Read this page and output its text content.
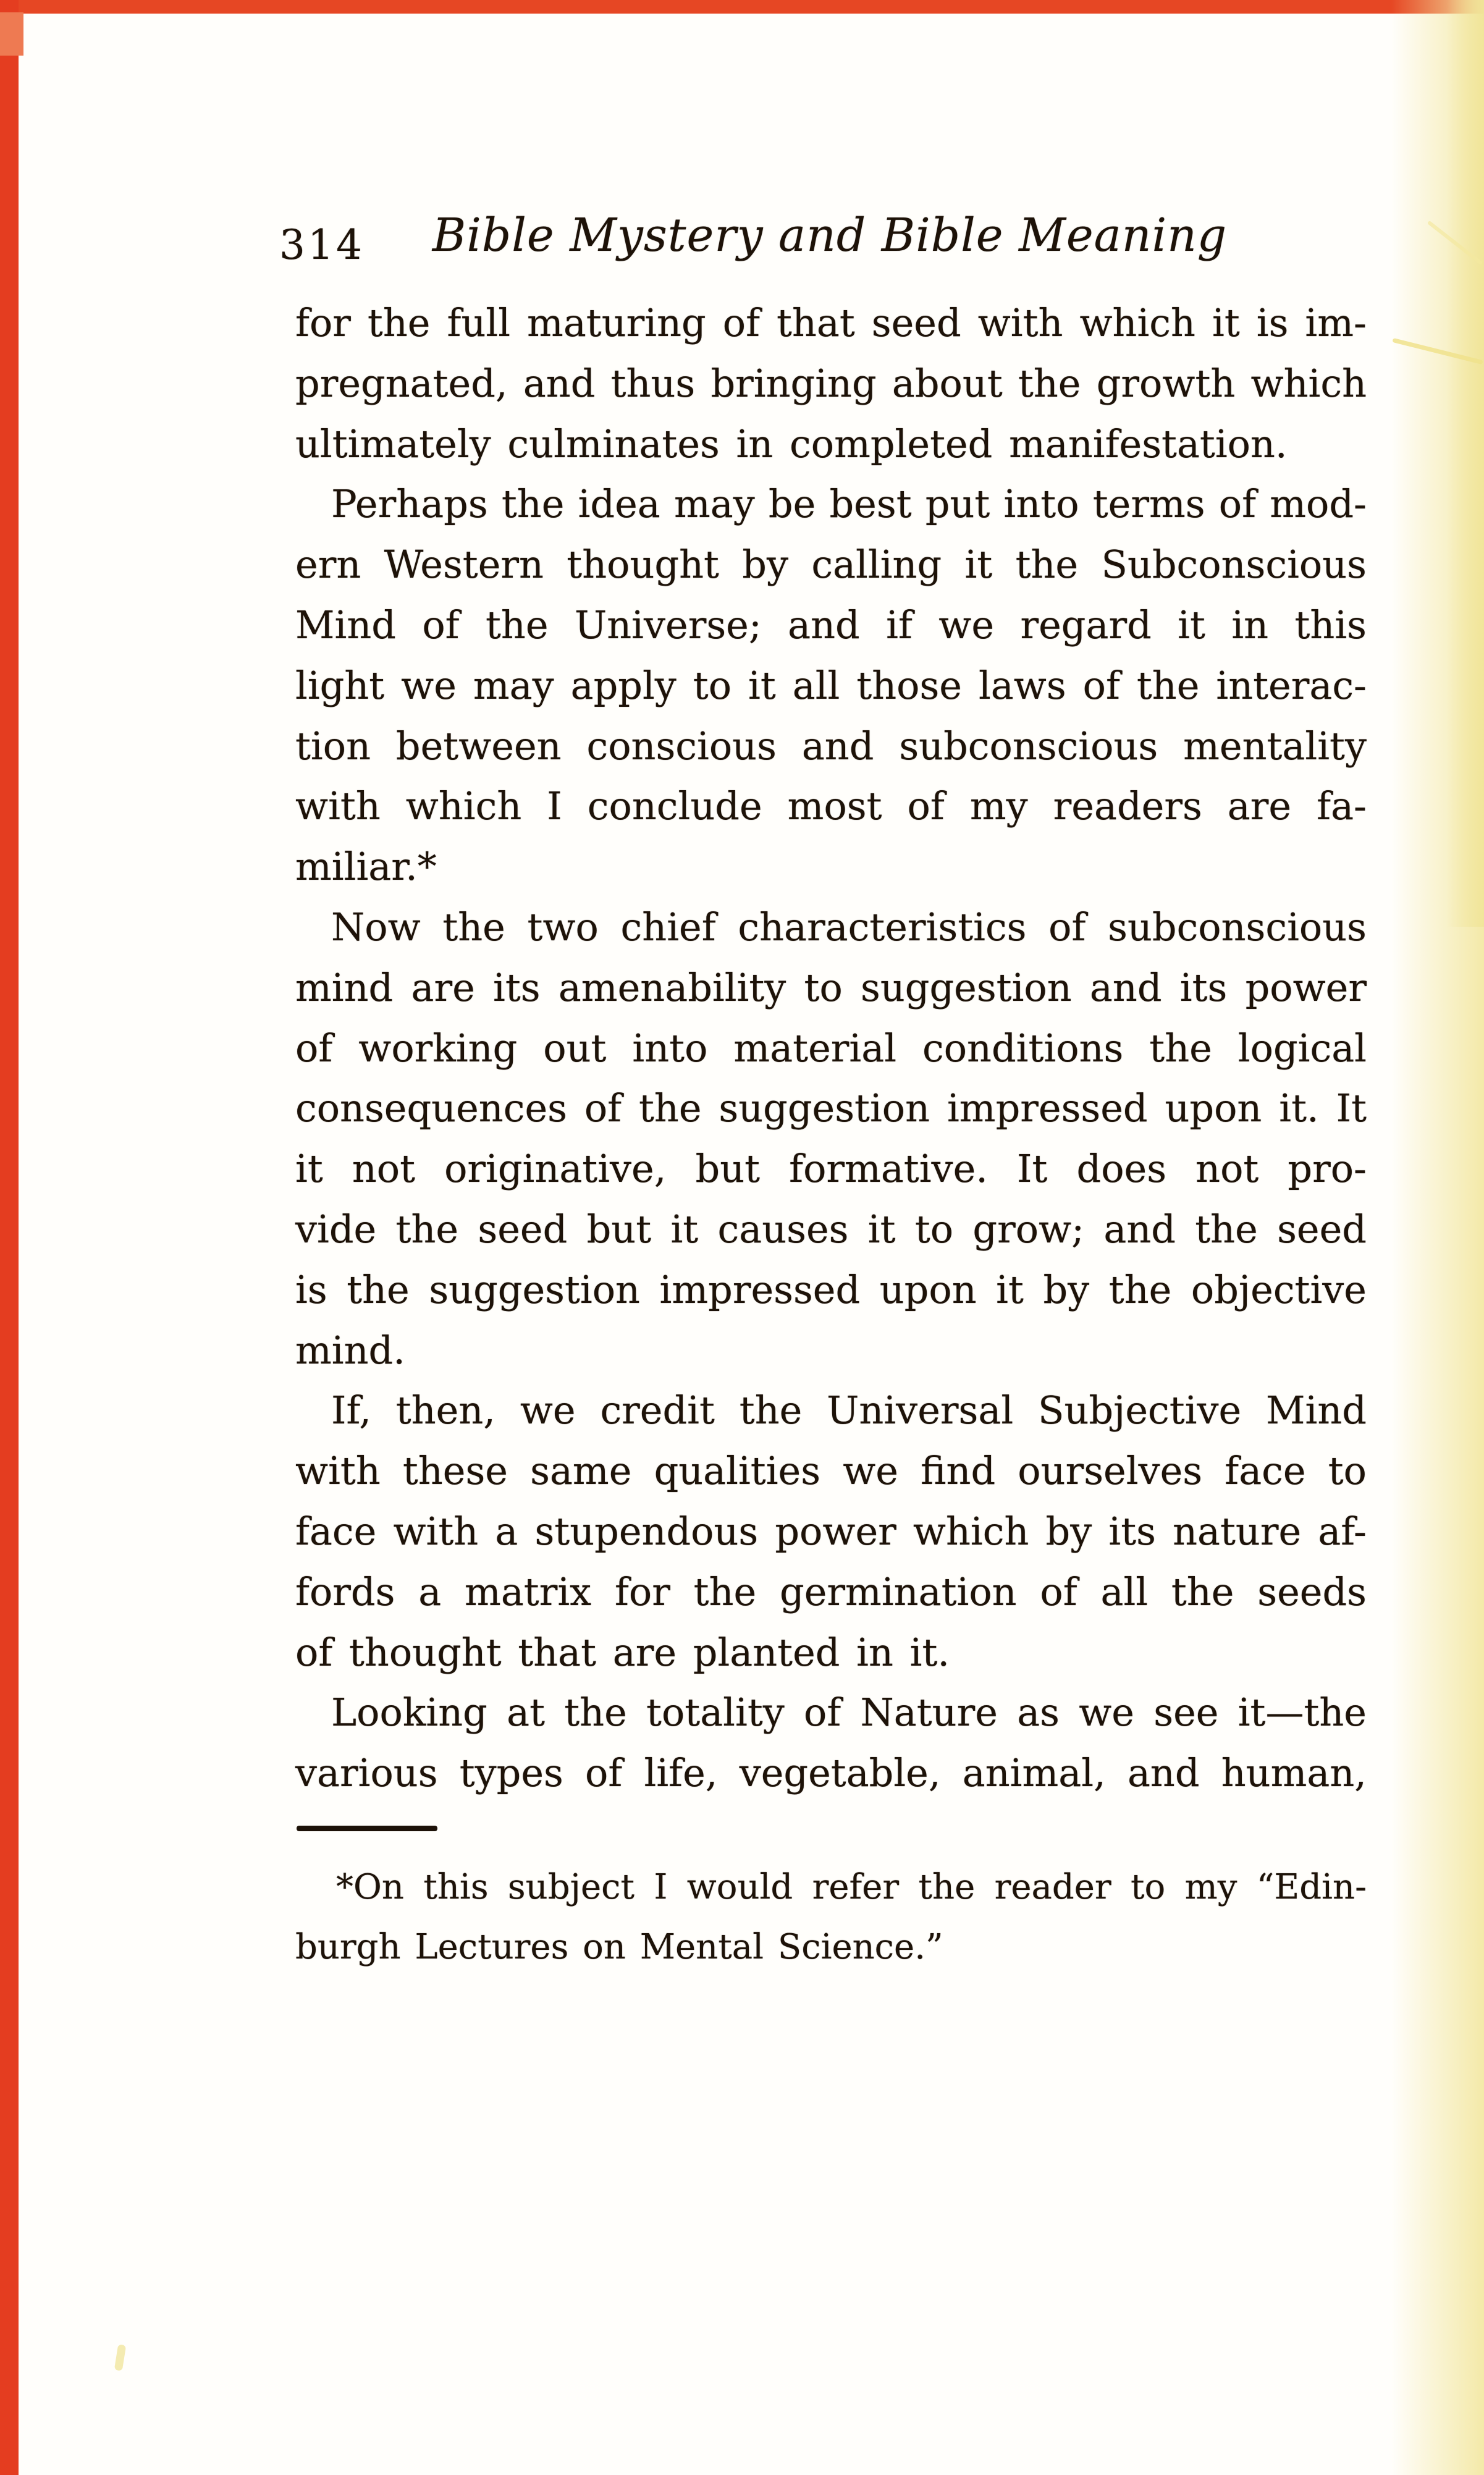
314 Bible Mystery and Bible Meaning
for the full maturing of that seed with which it is im-
pregnated, and thus bringing about the growth which
ultimately culminates in completed manifestation.
Perhaps the idea may be best put into terms of mod-
ern Western thought by calling it the Subconscious
Mind of the Universe; and if we regard it in this
light we may apply to it all those laws of the interac-
tion between conscious and subconscious mentality
with which I conclude most of my readers are fa-
miliar.*
Now the two chief characteristics of subconscious
mind are its amenability to suggestion and its power
of working out into material conditions the logical
consequences of the suggestion impressed upon it. It
it not originative, but formative. It does not pro-
vide the seed but it causes it to grow; and the seed
is the suggestion impressed upon it by the objective
mind.
If, then, we credit the Universal Subjective Mind
with these same qualities we find ourselves face to
face with a stupendous power which by its nature af-
fords a matrix for the germination of all the seeds
of thought that are planted in it.
Looking at the totality of Nature as we see it—the
various types of life, vegetable, animal, and human,
*On this subject I would refer the reader to my “Edin-
burgh Lectures on Mental Science.”
